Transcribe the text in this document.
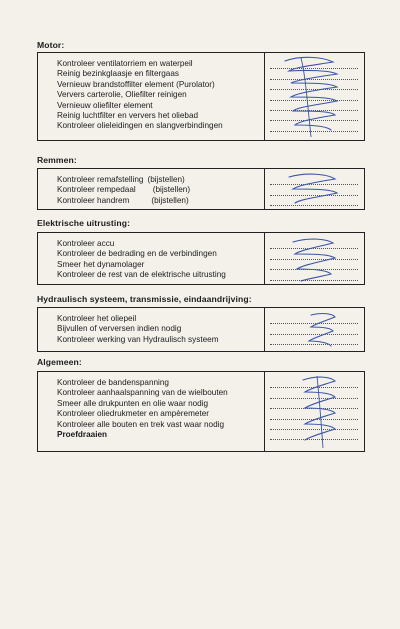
Motor:
Kontroleer ventilatorriem en waterpeil
Reinig bezinkglaasje en filtergaas
Vernieuw brandstoffilter element (Purolator)
Ververs carterolie, Oliefilter reinigen
Vernieuw oliefilter element
Reinig luchtfilter en ververs het oliebad
Kontroleer olieleidingen en slangverbindingen
Remmen:
Kontroleer remafstelling (bijstellen)
Kontroleer rempedaal (bijstellen)
Kontroleer handrem	(bijstellen)
Elektrische uitrusting:
Kontroleer accu
Kontroleer de bedrading en de verbindingen
Smeer het dynamolager
Kontroleer de rest van de elektrische uitrusting
Hydraulisch systeem, transmissie, eindaandrijving:
Kontroleer het oliepeil
Bijvullen of verversen indien nodig
Kontroleer werking van Hydraulisch systeem
Algemeen:
Kontroleer de bandenspanning
Kontroleer aanhaalspanning van de wielbouten
Smeer alle drukpunten en olie waar nodig
Kontroleer oliedrukmeter en ampèremeter
Kontroleer alle bouten en trek vast waar nodig
Proefdraaien
